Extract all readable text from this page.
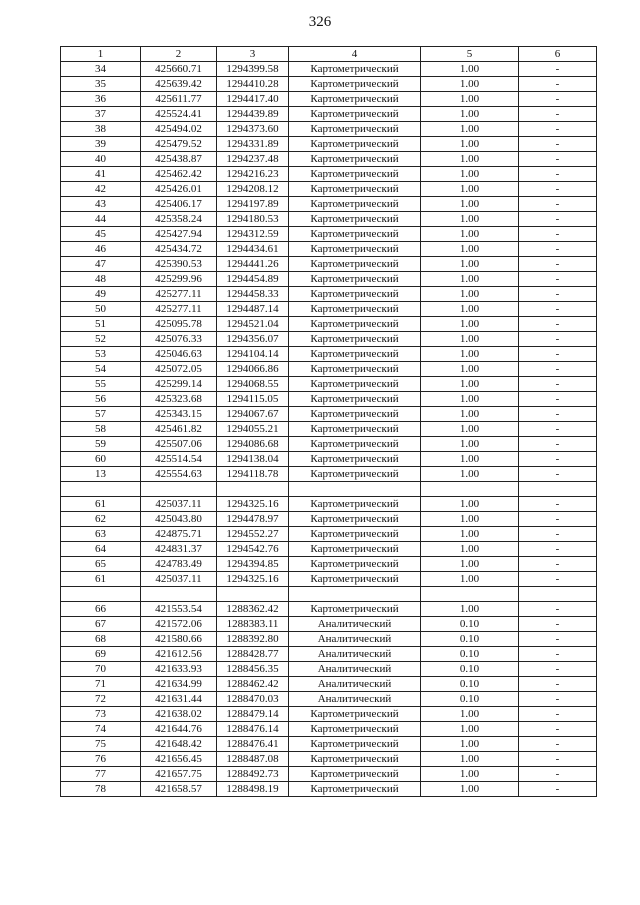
326
1	2	3	4	5	6
34	425660.71	1294399.58	Картометрический	1.00	-
35	425639.42	1294410.28	Картометрический	1.00	-
36	425611.77	1294417.40	Картометрический	1.00	-
37	425524.41	1294439.89	Картометрический	1.00	-
38	425494.02	1294373.60	Картометрический	1.00	-
39	425479.52	1294331.89	Картометрический	1.00	-
40	425438.87	1294237.48	Картометрический	1.00	-
41	425462.42	1294216.23	Картометрический	1.00	-
42	425426.01	1294208.12	Картометрический	1.00	-
43	425406.17	1294197.89	Картометрический	1.00	-
44	425358.24	1294180.53	Картометрический	1.00	-
45	425427.94	1294312.59	Картометрический	1.00	-
46	425434.72	1294434.61	Картометрический	1.00	-
47	425390.53	1294441.26	Картометрический	1.00	-
48	425299.96	1294454.89	Картометрический	1.00	-
49	425277.11	1294458.33	Картометрический	1.00	-
50	425277.11	1294487.14	Картометрический	1.00	-
51	425095.78	1294521.04	Картометрический	1.00	-
52	425076.33	1294356.07	Картометрический	1.00	-
53	425046.63	1294104.14	Картометрический	1.00	-
54	425072.05	1294066.86	Картометрический	1.00	-
55	425299.14	1294068.55	Картометрический	1.00	-
56	425323.68	1294115.05	Картометрический	1.00	-
57	425343.15	1294067.67	Картометрический	1.00	-
58	425461.82	1294055.21	Картометрический	1.00	-
59	425507.06	1294086.68	Картометрический	1.00	-
60	425514.54	1294138.04	Картометрический	1.00	-
13	425554.63	1294118.78	Картометрический	1.00	-

61	425037.11	1294325.16	Картометрический	1.00	-
62	425043.80	1294478.97	Картометрический	1.00	-
63	424875.71	1294552.27	Картометрический	1.00	-
64	424831.37	1294542.76	Картометрический	1.00	-
65	424783.49	1294394.85	Картометрический	1.00	-
61	425037.11	1294325.16	Картометрический	1.00	-

66	421553.54	1288362.42	Картометрический	1.00	-
67	421572.06	1288383.11	Аналитический	0.10	-
68	421580.66	1288392.80	Аналитический	0.10	-
69	421612.56	1288428.77	Аналитический	0.10	-
70	421633.93	1288456.35	Аналитический	0.10	-
71	421634.99	1288462.42	Аналитический	0.10	-
72	421631.44	1288470.03	Аналитический	0.10	-
73	421638.02	1288479.14	Картометрический	1.00	-
74	421644.76	1288476.14	Картометрический	1.00	-
75	421648.42	1288476.41	Картометрический	1.00	-
76	421656.45	1288487.08	Картометрический	1.00	-
77	421657.75	1288492.73	Картометрический	1.00	-
78	421658.57	1288498.19	Картометрический	1.00	-
